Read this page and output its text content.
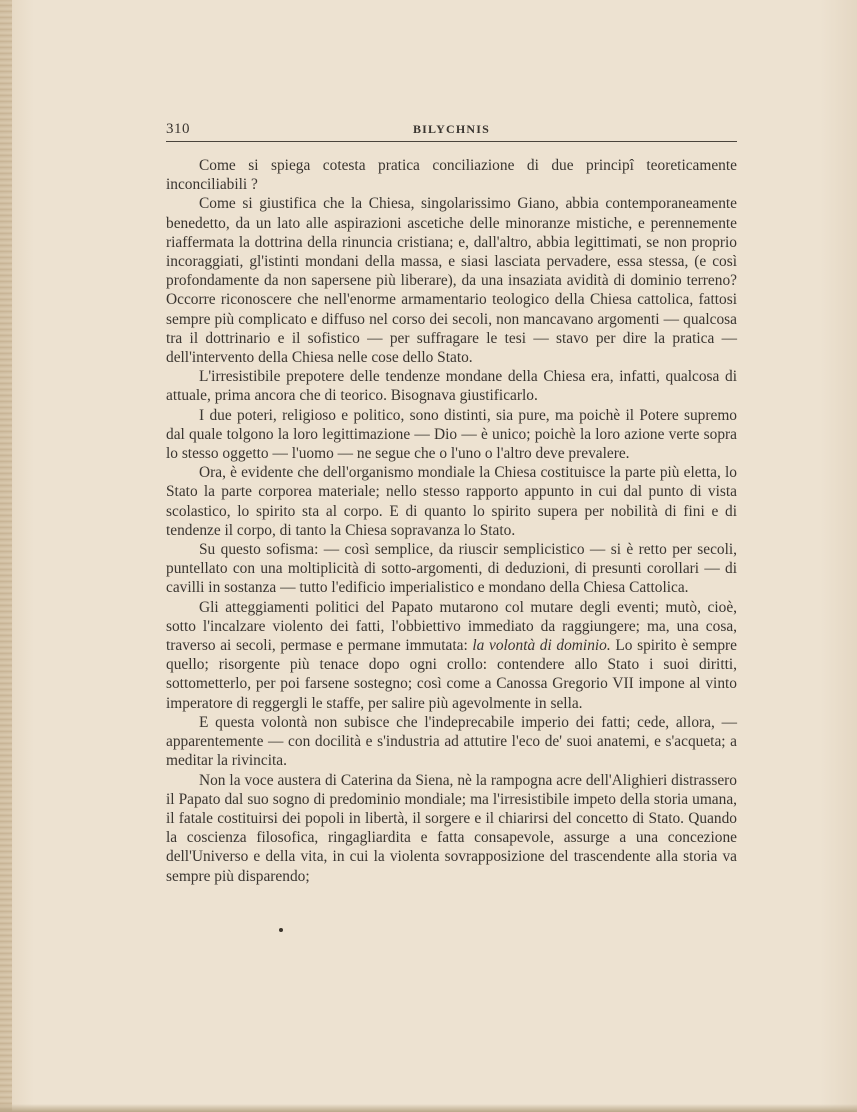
310	BILYCHNIS

Come si spiega cotesta pratica conciliazione di due principî teoreticamente inconciliabili ?

Come si giustifica che la Chiesa, singolarissimo Giano, abbia contemporaneamente benedetto, da un lato alle aspirazioni ascetiche delle minoranze mistiche, e perennemente riaffermata la dottrina della rinuncia cristiana; e, dall'altro, abbia legittimati, se non proprio incoraggiati, gl'istinti mondani della massa, e siasi lasciata pervadere, essa stessa, (e così profondamente da non sapersene più liberare), da una insaziata avidità di dominio terreno? Occorre riconoscere che nell'enorme armamentario teologico della Chiesa cattolica, fattosi sempre più complicato e diffuso nel corso dei secoli, non mancavano argomenti — qualcosa tra il dottrinario e il sofistico — per suffragare le tesi — stavo per dire la pratica — dell'intervento della Chiesa nelle cose dello Stato.

L'irresistibile prepotere delle tendenze mondane della Chiesa era, infatti, qualcosa di attuale, prima ancora che di teorico. Bisognava giustificarlo.

I due poteri, religioso e politico, sono distinti, sia pure, ma poichè il Potere supremo dal quale tolgono la loro legittimazione — Dio — è unico; poichè la loro azione verte sopra lo stesso oggetto — l'uomo — ne segue che o l'uno o l'altro deve prevalere.

Ora, è evidente che dell'organismo mondiale la Chiesa costituisce la parte più eletta, lo Stato la parte corporea materiale; nello stesso rapporto appunto in cui dal punto di vista scolastico, lo spirito sta al corpo. E di quanto lo spirito supera per nobilità di fini e di tendenze il corpo, di tanto la Chiesa sopravanza lo Stato.

Su questo sofisma: — così semplice, da riuscir semplicistico — si è retto per secoli, puntellato con una moltiplicità di sotto-argomenti, di deduzioni, di presunti corollari — di cavilli in sostanza — tutto l'edificio imperialistico e mondano della Chiesa Cattolica.

Gli atteggiamenti politici del Papato mutarono col mutare degli eventi; mutò, cioè, sotto l'incalzare violento dei fatti, l'obbiettivo immediato da raggiungere; ma, una cosa, traverso ai secoli, permase e permane immutata: la volontà di dominio. Lo spirito è sempre quello; risorgente più tenace dopo ogni crollo: contendere allo Stato i suoi diritti, sottometterlo, per poi farsene sostegno; così come a Canossa Gregorio VII impone al vinto imperatore di reggergli le staffe, per salire più agevolmente in sella.

E questa volontà non subisce che l'indeprecabile imperio dei fatti; cede, allora, — apparentemente — con docilità e s'industria ad attutire l'eco de' suoi anatemi, e s'acqueta; a meditar la rivincita.

Non la voce austera di Caterina da Siena, nè la rampogna acre dell'Alighieri distrassero il Papato dal suo sogno di predominio mondiale; ma l'irresistibile impeto della storia umana, il fatale costituirsi dei popoli in libertà, il sorgere e il chiarirsi del concetto di Stato. Quando la coscienza filosofica, ringagliardita e fatta consapevole, assurge a una concezione dell'Universo e della vita, in cui la violenta sovrapposizione del trascendente alla storia va sempre più disparendo;
